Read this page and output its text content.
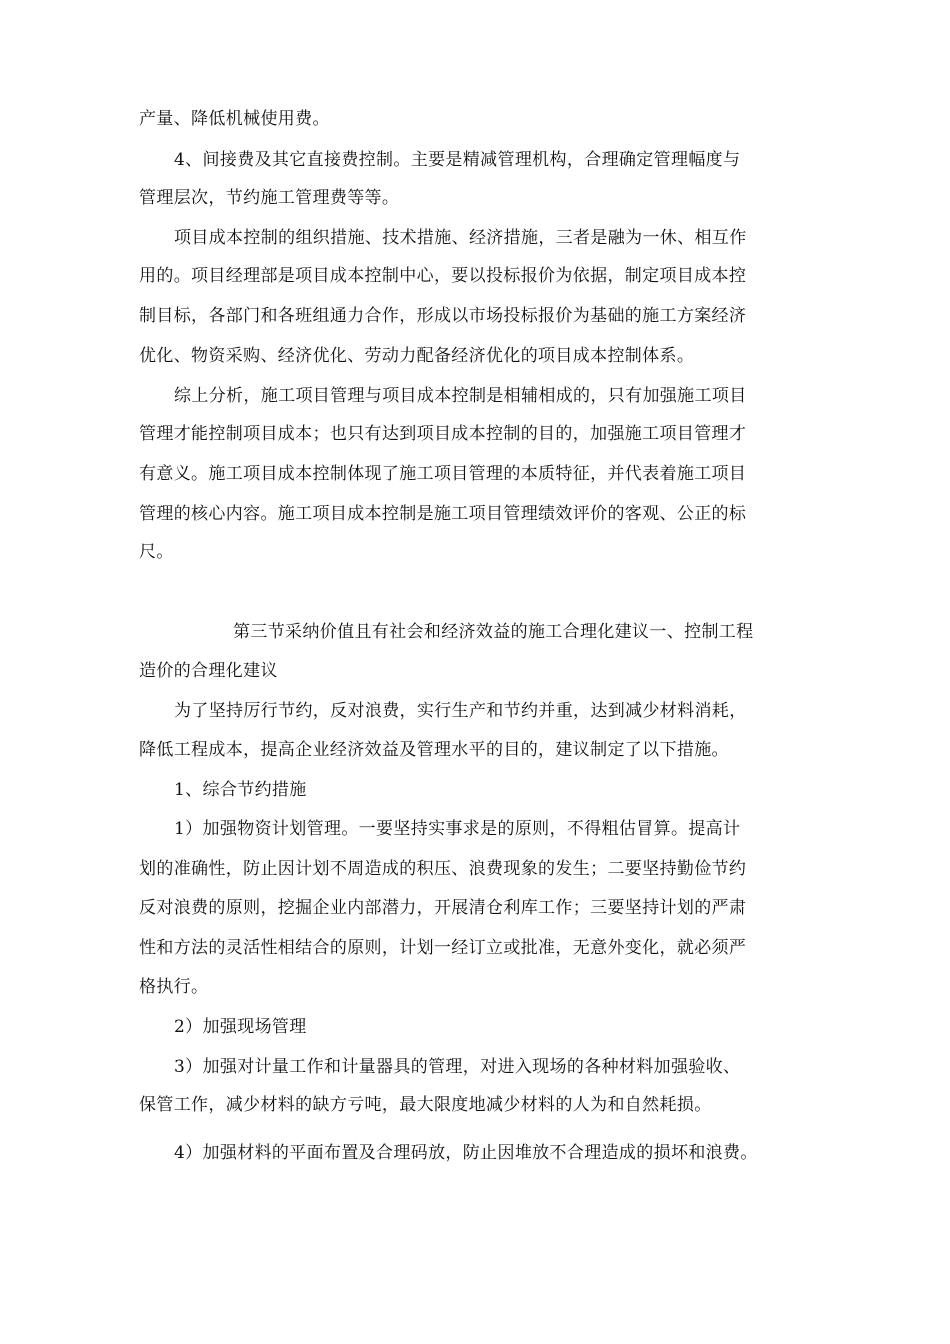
产量、降低机械使用费。
4、间接费及其它直接费控制。主要是精减管理机构，合理确定管理幅度与
管理层次，节约施工管理费等等。
项目成本控制的组织措施、技术措施、经济措施，三者是融为一休、相互作
用的。项目经理部是项目成本控制中心，要以投标报价为依据，制定项目成本控
制目标，各部门和各班组通力合作，形成以市场投标报价为基础的施工方案经济
优化、物资采购、经济优化、劳动力配备经济优化的项目成本控制体系。
综上分析，施工项目管理与项目成本控制是相辅相成的，只有加强施工项目
管理才能控制项目成本；也只有达到项目成本控制的目的，加强施工项目管理才
有意义。施工项目成本控制体现了施工项目管理的本质特征，并代表着施工项目
管理的核心内容。施工项目成本控制是施工项目管理绩效评价的客观、公正的标
尺。
第三节采纳价值且有社会和经济效益的施工合理化建议一、控制工程
造价的合理化建议
为了坚持厉行节约，反对浪费，实行生产和节约并重，达到减少材料消耗，
降低工程成本，提高企业经济效益及管理水平的目的，建议制定了以下措施。
1、综合节约措施
1）加强物资计划管理。一要坚持实事求是的原则，不得粗估冒算。提高计
划的准确性，防止因计划不周造成的积压、浪费现象的发生；二要坚持勤俭节约
反对浪费的原则，挖掘企业内部潜力，开展清仓利库工作；三要坚持计划的严肃
性和方法的灵活性相结合的原则，计划一经订立或批准，无意外变化，就必须严
格执行。
2）加强现场管理
3）加强对计量工作和计量器具的管理，对进入现场的各种材料加强验收、
保管工作，减少材料的缺方亏吨，最大限度地减少材料的人为和自然耗损。
4）加强材料的平面布置及合理码放，防止因堆放不合理造成的损坏和浪费。
